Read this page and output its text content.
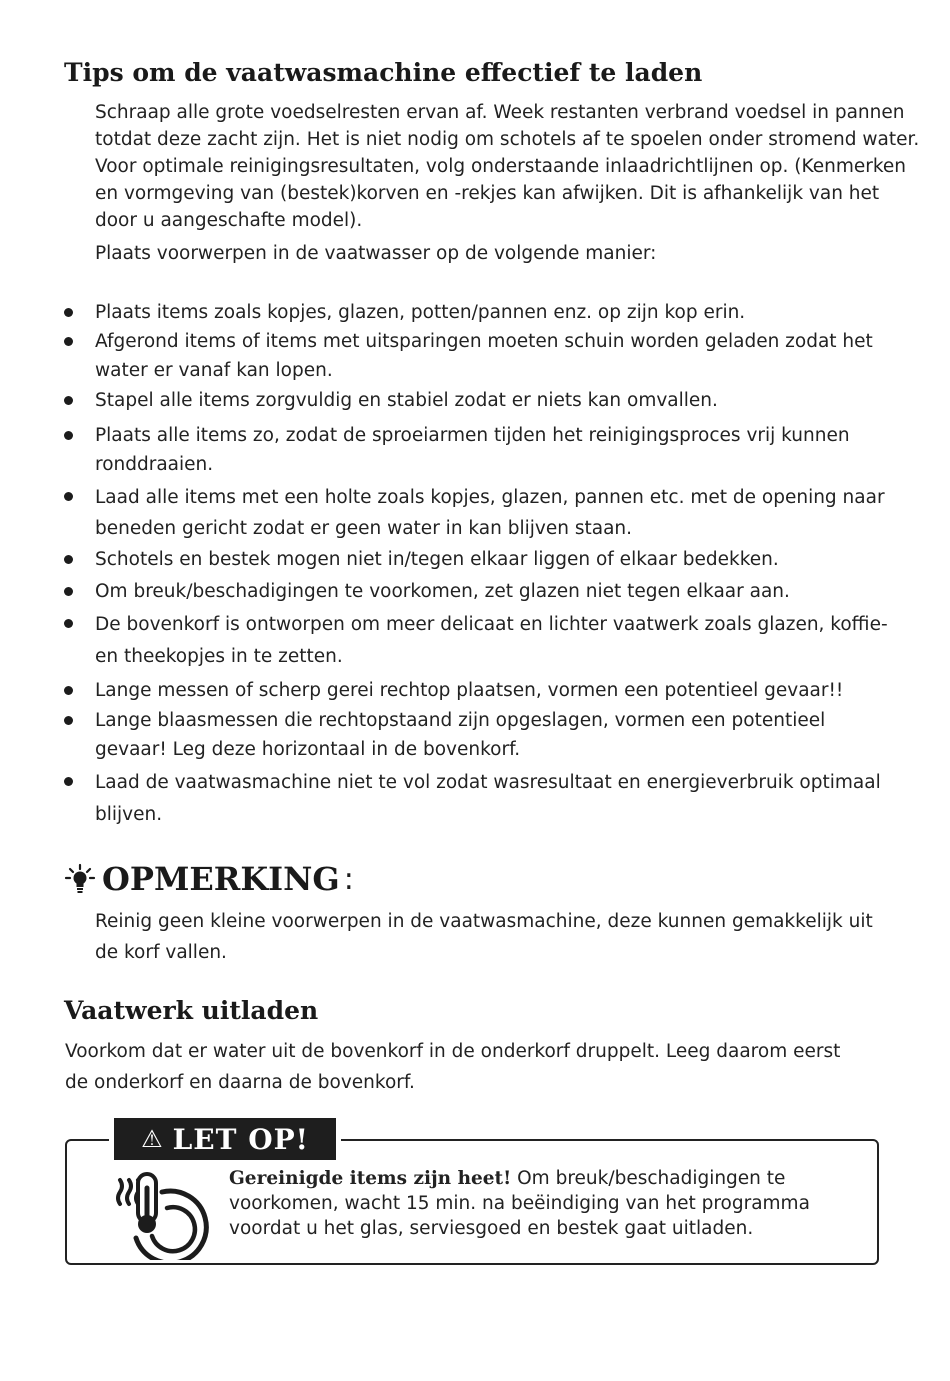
Tips om de vaatwasmachine effectief te laden

Schraap alle grote voedselresten ervan af. Week restanten verbrand voedsel in pannen totdat deze zacht zijn. Het is niet nodig om schotels af te spoelen onder stromend water. Voor optimale reinigingsresultaten, volg onderstaande inlaadrichtlijnen op. (Kenmerken en vormgeving van (bestek)korven en -rekjes kan afwijken. Dit is afhankelijk van het door u aangeschafte model).

Plaats voorwerpen in de vaatwasser op de volgende manier:

Plaats items zoals kopjes, glazen, potten/pannen enz. op zijn kop erin.
Afgerond items of items met uitsparingen moeten schuin worden geladen zodat het water er vanaf kan lopen.
Stapel alle items zorgvuldig en stabiel zodat er niets kan omvallen.
Plaats alle items zo, zodat de sproeiarmen tijden het reinigingsproces vrij kunnen ronddraaien.
Laad alle items met een holte zoals kopjes, glazen, pannen etc. met de opening naar beneden gericht zodat er geen water in kan blijven staan.
Schotels en bestek mogen niet in/tegen elkaar liggen of elkaar bedekken.
Om breuk/beschadigingen te voorkomen, zet glazen niet tegen elkaar aan.
De bovenkorf is ontworpen om meer delicaat en lichter vaatwerk zoals glazen, koffie- en theekopjes in te zetten.
Lange messen of scherp gerei rechtop plaatsen, vormen een potentieel gevaar!!
Lange blaasmessen die rechtopstaand zijn opgeslagen, vormen een potentieel gevaar! Leg deze horizontaal in de bovenkorf.
Laad de vaatwasmachine niet te vol zodat wasresultaat en energieverbruik optimaal blijven.
OPMERKING :

Reinig geen kleine voorwerpen in de vaatwasmachine, deze kunnen gemakkelijk uit de korf vallen.

Vaatwerk uitladen

Voorkom dat er water uit de bovenkorf in de onderkorf druppelt. Leeg daarom eerst de onderkorf en daarna de bovenkorf.

⚠ LET OP!

Gereinigde items zijn heet! Om breuk/beschadigingen te voorkomen, wacht 15 min. na beëindiging van het programma voordat u het glas, serviesgoed en bestek gaat uitladen.
